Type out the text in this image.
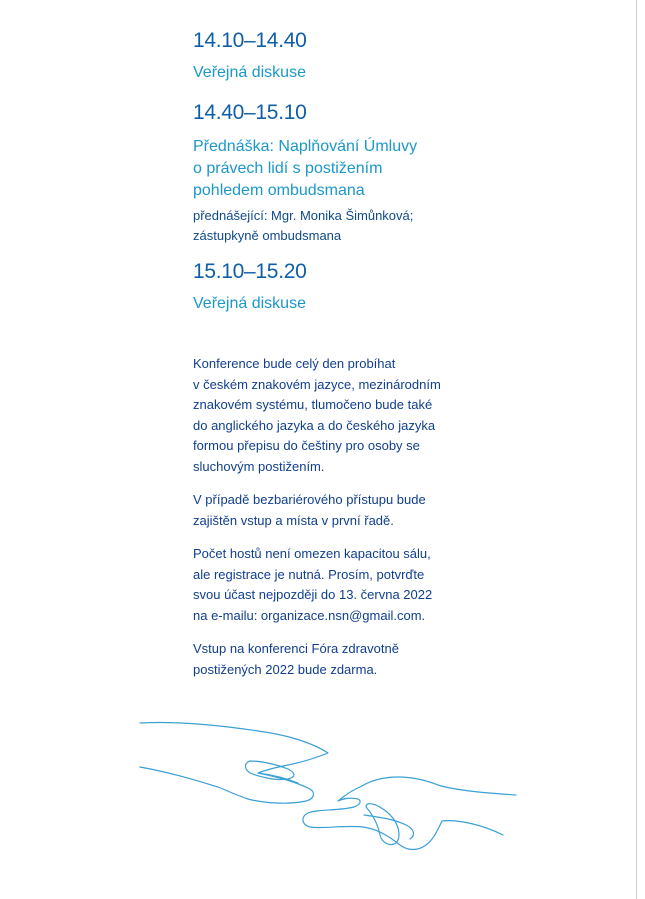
14.10–14.40
Veřejná diskuse
14.40–15.10
Přednáška: Naplňování Úmluvy
o právech lidí s postižením
pohledem ombudsmana
přednášející: Mgr. Monika Šimůnková;
zástupkyně ombudsmana
15.10–15.20
Veřejná diskuse

Konference bude celý den probíhat
v českém znakovém jazyce, mezinárodním
znakovém systému, tlumočeno bude také
do anglického jazyka a do českého jazyka
formou přepisu do češtiny pro osoby se
sluchovým postižením.

V případě bezbariérového přístupu bude
zajištěn vstup a místa v první řadě.

Počet hostů není omezen kapacitou sálu,
ale registrace je nutná. Prosím, potvrďte
svou účast nejpozději do 13. června 2022
na e-mailu: organizace.nsn@gmail.com.

Vstup na konferenci Fóra zdravotně
postižených 2022 bude zdarma.
